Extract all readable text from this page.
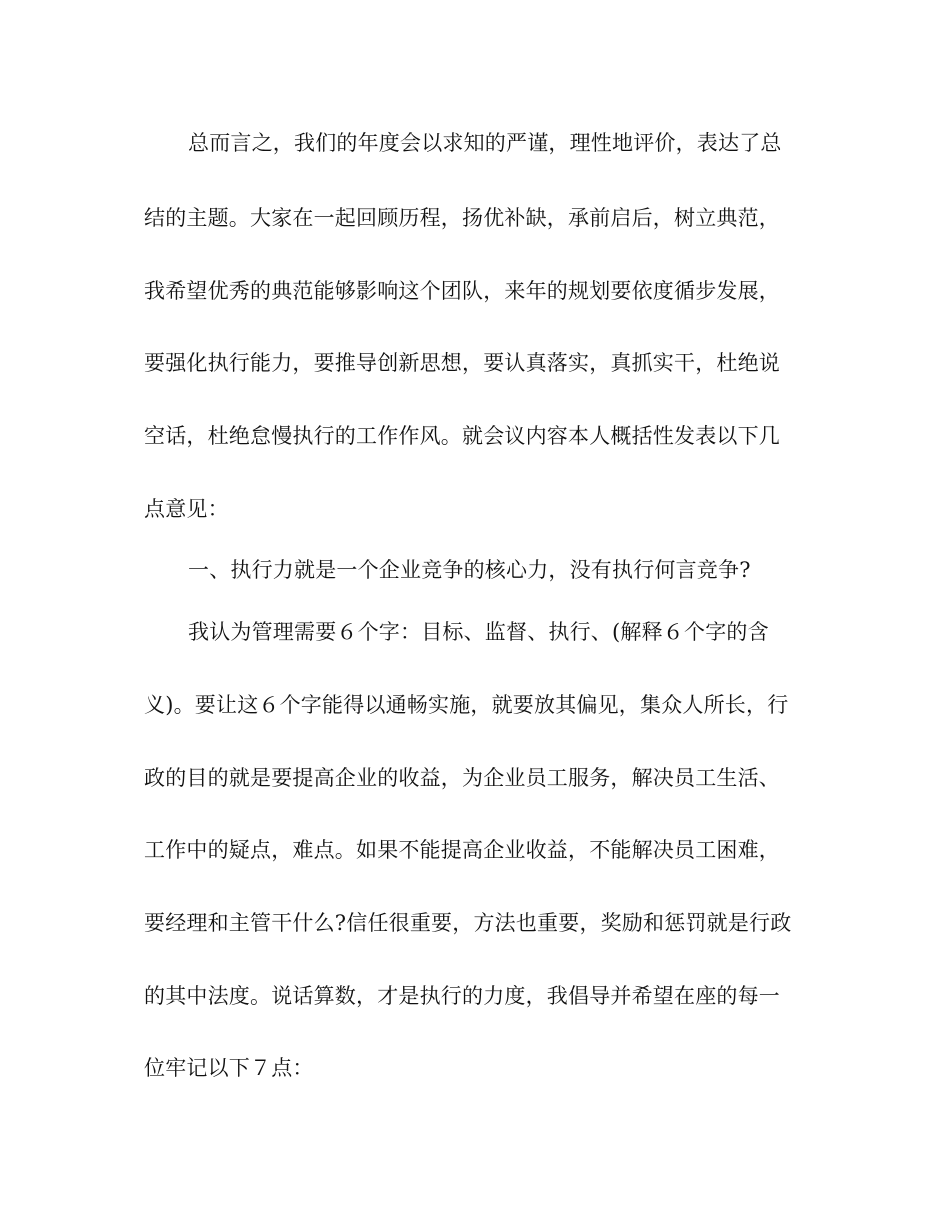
总而言之，我们的年度会以求知的严谨，理性地评价，表达了总
结的主题。大家在一起回顾历程，扬优补缺，承前启后，树立典范，
我希望优秀的典范能够影响这个团队，来年的规划要依度循步发展，
要强化执行能力，要推导创新思想，要认真落实，真抓实干，杜绝说
空话，杜绝怠慢执行的工作作风。就会议内容本人概括性发表以下几
点意见：
一、执行力就是一个企业竞争的核心力，没有执行何言竞争?
我认为管理需要６个字：目标、监督、执行、(解释６个字的含
义)。要让这６个字能得以通畅实施，就要放其偏见，集众人所长，行
政的目的就是要提高企业的收益，为企业员工服务，解决员工生活、
工作中的疑点，难点。如果不能提高企业收益，不能解决员工困难，
要经理和主管干什么?信任很重要，方法也重要，奖励和惩罚就是行政
的其中法度。说话算数，才是执行的力度，我倡导并希望在座的每一
位牢记以下７点：
